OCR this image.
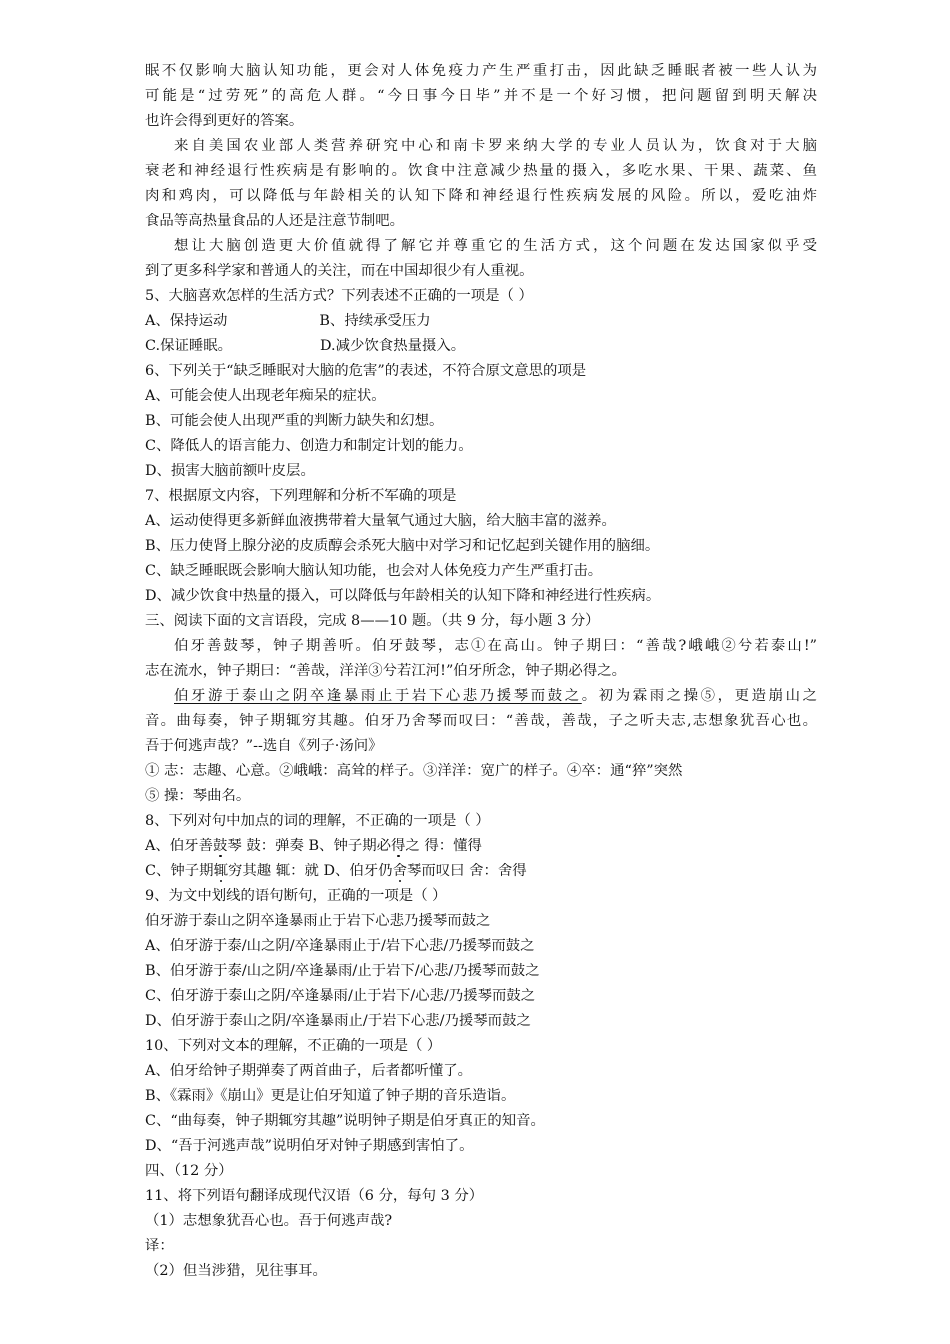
眠不仅影响大脑认知功能，更会对人体免疫力产生严重打击，因此缺乏睡眠者被一些人认为
可能是“过劳死”的高危人群。“今日事今日毕”并不是一个好习惯，把问题留到明天解决
也许会得到更好的答案。
来自美国农业部人类营养研究中心和南卡罗来纳大学的专业人员认为，饮食对于大脑
衰老和神经退行性疾病是有影响的。饮食中注意减少热量的摄入，多吃水果、干果、蔬菜、鱼
肉和鸡肉，可以降低与年龄相关的认知下降和神经退行性疾病发展的风险。所以，爱吃油炸
食品等高热量食品的人还是注意节制吧。
想让大脑创造更大价值就得了解它并尊重它的生活方式，这个问题在发达国家似乎受
到了更多科学家和普通人的关注，而在中国却很少有人重视。
5、大脑喜欢怎样的生活方式？下列表述不正确的一项是（ ）
A、保持运动	B、持续承受压力
C.保证睡眠。	D.减少饮食热量摄入。
6、下列关于“缺乏睡眠对大脑的危害”的表述，不符合原文意思的项是
A、可能会使人出现老年痴呆的症状。
B、可能会使人出现严重的判断力缺失和幻想。
C、降低人的语言能力、创造力和制定计划的能力。
D、损害大脑前额叶皮层。
7、根据原文内容，下列理解和分析不军确的项是
A、运动使得更多新鲜血液携带着大量氧气通过大脑，给大脑丰富的滋养。
B、压力使肾上腺分泌的皮质醇会杀死大脑中对学习和记忆起到关键作用的脑细。
C、缺乏睡眠既会影响大脑认知功能，也会对人体免疫力产生严重打击。
D、减少饮食中热量的摄入，可以降低与年龄相关的认知下降和神经进行性疾病。
三、阅读下面的文言语段，完成 8——10 题。（共 9 分，每小题 3 分）
伯牙善鼓琴，钟子期善听。伯牙鼓琴，志①在高山。钟子期曰：“善哉?峨峨②兮若泰山!”
志在流水，钟子期曰：“善哉，洋洋③兮若江河!”伯牙所念，钟子期必得之。
伯牙游于泰山之阴卒逢暴雨止于岩下心悲乃援琴而鼓之。初为霖雨之操⑤，更造崩山之
音。曲每奏，钟子期辄穷其趣。伯牙乃舍琴而叹曰：“善哉，善哉，子之听夫志,志想象犹吾心也。
吾于何逃声哉？”--选自《列子·汤问》
① 志：志趣、心意。②峨峨：高耸的样子。③洋洋：宽广的样子。④卒：通“猝”突然
⑤ 操：琴曲名。
8、下列对句中加点的词的理解，不正确的一项是（ ）
A、伯牙善鼓琴 鼓：弹奏 B、钟子期必得之 得：懂得
C、钟子期辄穷其趣 辄：就 D、伯牙仍舍琴而叹曰 舍：舍得
9、为文中划线的语句断句，正确的一项是（ ）
伯牙游于泰山之阴卒逢暴雨止于岩下心悲乃援琴而鼓之
A、伯牙游于泰/山之阴/卒逢暴雨止于/岩下心悲/乃援琴而鼓之
B、伯牙游于泰/山之阴/卒逢暴雨/止于岩下/心悲/乃援琴而鼓之
C、伯牙游于泰山之阴/卒逢暴雨/止于岩下/心悲/乃援琴而鼓之
D、伯牙游于泰山之阴/卒逢暴雨止/于岩下心悲/乃援琴而鼓之
10、下列对文本的理解，不正确的一项是（ ）
A、伯牙给钟子期弹奏了两首曲子，后者都听懂了。
B、《霖雨》《崩山》更是让伯牙知道了钟子期的音乐造诣。
C、“曲每奏，钟子期辄穷其趣”说明钟子期是伯牙真正的知音。
D、“吾于河逃声哉”说明伯牙对钟子期感到害怕了。
四、（12 分）
11、将下列语句翻译成现代汉语（6 分，每句 3 分）
（1）志想象犹吾心也。吾于何逃声哉?
译：
（2）但当涉猎，见往事耳。
